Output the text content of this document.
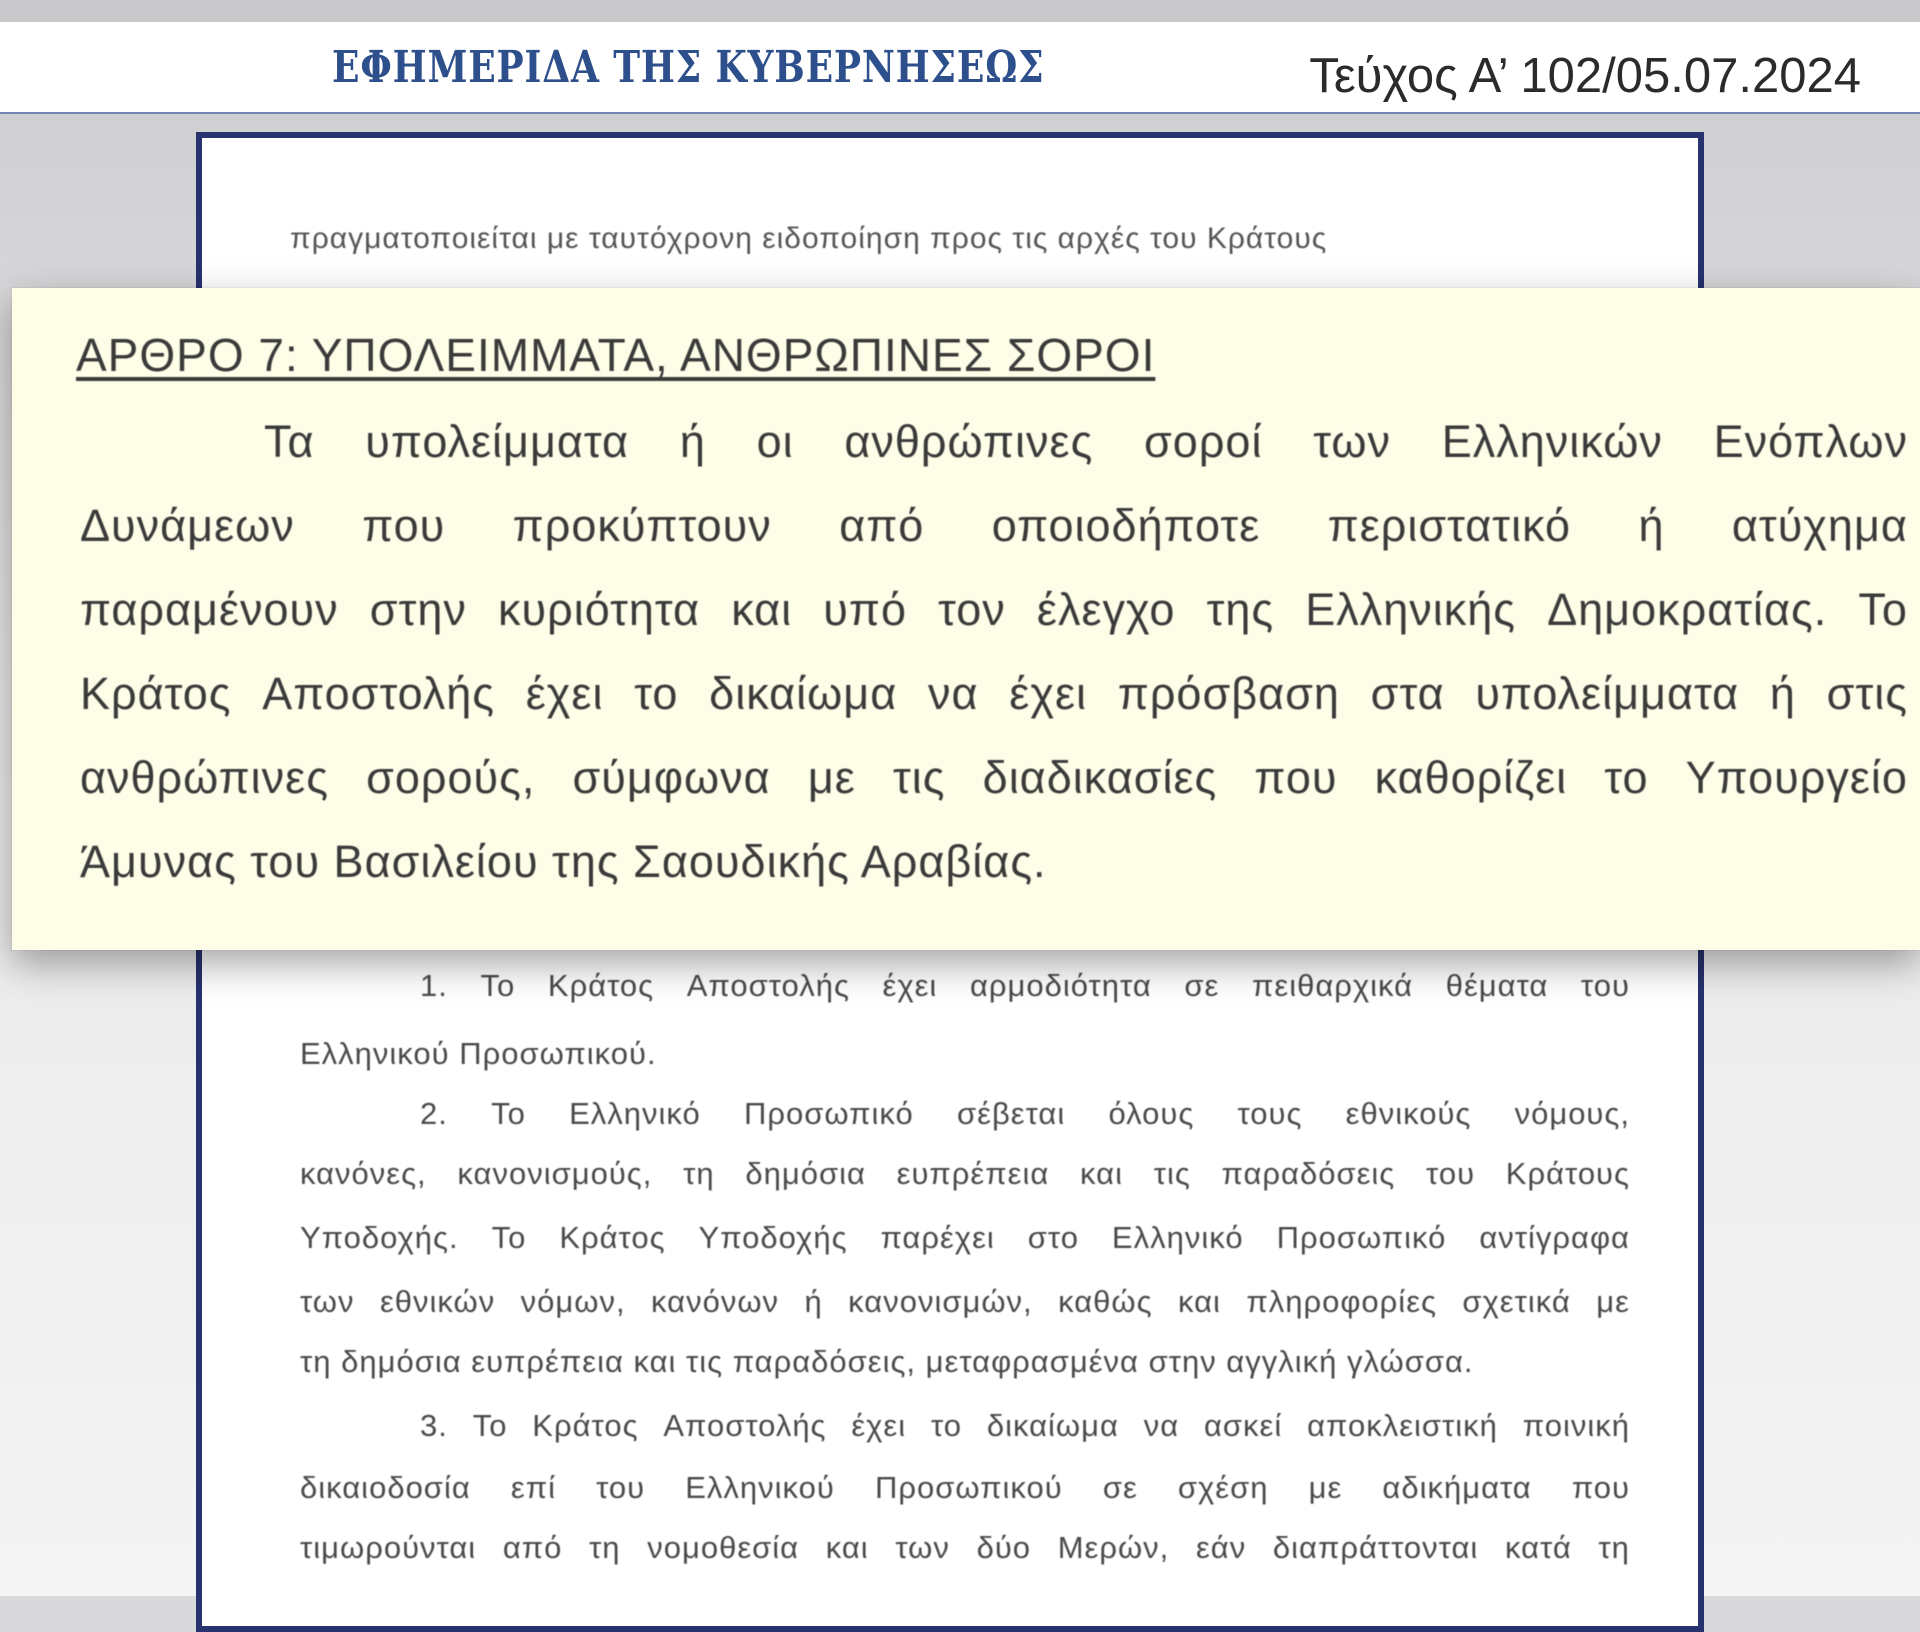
ΕΦΗΜΕΡΙΔΑ ΤΗΣ ΚΥΒΕΡΝΗΣΕΩΣ	Τεύχος Α’ 102/05.07.2024
πραγματοποιείται με ταυτόχρονη ειδοποίηση προς τις αρχές του Κράτους
1. Το Κράτος Αποστολής έχει αρμοδιότητα σε πειθαρχικά θέματα του
Ελληνικού Προσωπικού.
2. Το Ελληνικό Προσωπικό σέβεται όλους τους εθνικούς νόμους,
κανόνες, κανονισμούς, τη δημόσια ευπρέπεια και τις παραδόσεις του Κράτους
Υποδοχής. Το Κράτος Υποδοχής παρέχει στο Ελληνικό Προσωπικό αντίγραφα
των εθνικών νόμων, κανόνων ή κανονισμών, καθώς και πληροφορίες σχετικά με
τη δημόσια ευπρέπεια και τις παραδόσεις, μεταφρασμένα στην αγγλική γλώσσα.
3. Το Κράτος Αποστολής έχει το δικαίωμα να ασκεί αποκλειστική ποινική
δικαιοδοσία επί του Ελληνικού Προσωπικού σε σχέση με αδικήματα που
τιμωρούνται από τη νομοθεσία και των δύο Μερών, εάν διαπράττονται κατά τη
ΑΡΘΡΟ 7: ΥΠΟΛΕΙΜΜΑΤΑ, ΑΝΘΡΩΠΙΝΕΣ ΣΟΡΟΙ
Τα υπολείμματα ή οι ανθρώπινες σοροί των Ελληνικών Ενόπλων
Δυνάμεων που προκύπτουν από οποιοδήποτε περιστατικό ή ατύχημα
παραμένουν στην κυριότητα και υπό τον έλεγχο της Ελληνικής Δημοκρατίας. Το
Κράτος Αποστολής έχει το δικαίωμα να έχει πρόσβαση στα υπολείμματα ή στις
ανθρώπινες σορούς, σύμφωνα με τις διαδικασίες που καθορίζει το Υπουργείο
Άμυνας του Βασιλείου της Σαουδικής Αραβίας.
